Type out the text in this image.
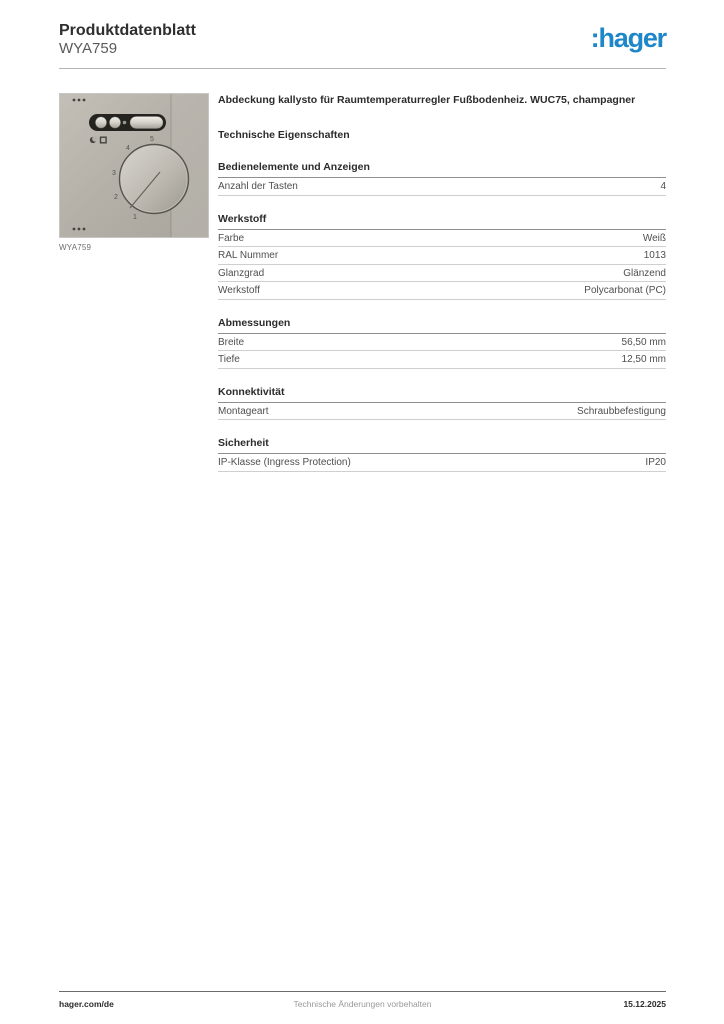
Produktdatenblatt
WYA759	:hager
5
4
3
2
1
WYA759
Abdeckung kallysto für Raumtemperaturregler Fußbodenheiz. WUC75, champagner
Technische Eigenschaften
Bedienelemente und Anzeigen
Anzahl der Tasten	4
Werkstoff
Farbe	Weiß
RAL Nummer	1013
Glanzgrad	Glänzend
Werkstoff	Polycarbonat (PC)
Abmessungen
Breite	56,50 mm
Tiefe	12,50 mm
Konnektivität
Montageart	Schraubbefestigung
Sicherheit
IP-Klasse (Ingress Protection)	IP20
hager.com/de	Technische Änderungen vorbehalten	15.12.2025
